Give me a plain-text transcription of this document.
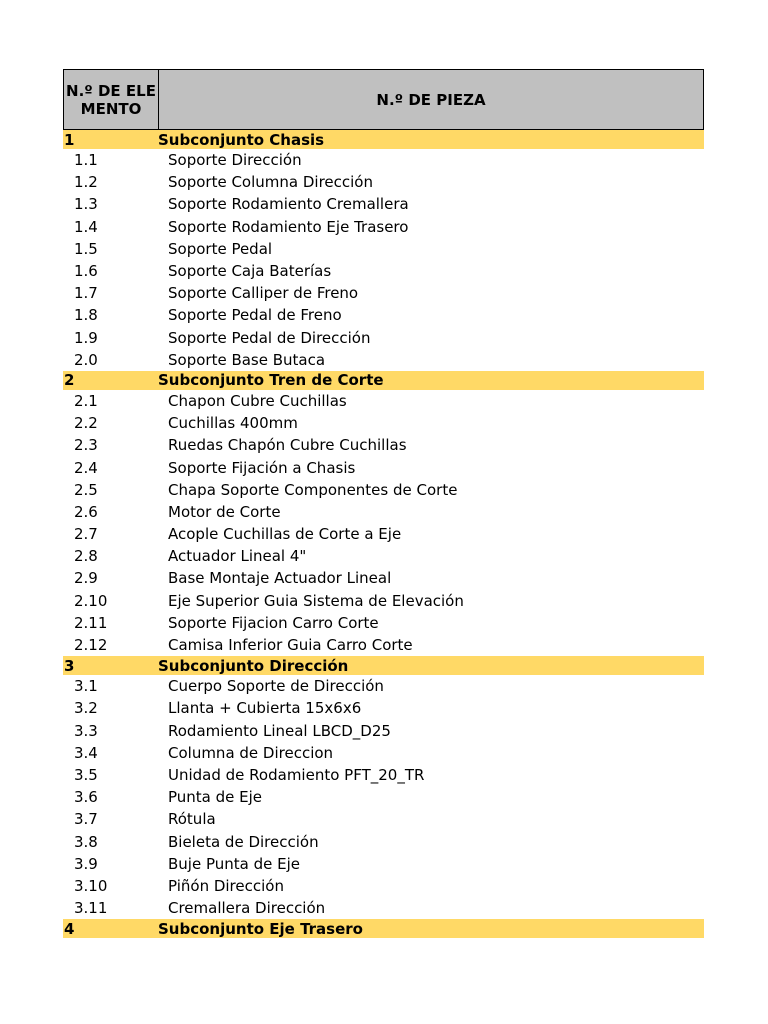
N.º DE ELEMENTO	N.º DE PIEZA
1	Subconjunto Chasis
1.1	Soporte Dirección
1.2	Soporte Columna Dirección
1.3	Soporte Rodamiento Cremallera
1.4	Soporte Rodamiento Eje Trasero
1.5	Soporte Pedal
1.6	Soporte Caja Baterías
1.7	Soporte Calliper de Freno
1.8	Soporte Pedal de Freno
1.9	Soporte Pedal de Dirección
2.0	Soporte Base Butaca
2	Subconjunto Tren de Corte
2.1	Chapon Cubre Cuchillas
2.2	Cuchillas 400mm
2.3	Ruedas Chapón Cubre Cuchillas
2.4	Soporte Fijación a Chasis
2.5	Chapa Soporte Componentes de Corte
2.6	Motor de Corte
2.7	Acople Cuchillas de Corte a Eje
2.8	Actuador Lineal 4"
2.9	Base Montaje Actuador Lineal
2.10	Eje Superior Guia Sistema de Elevación
2.11	Soporte Fijacion Carro Corte
2.12	Camisa Inferior Guia Carro Corte
3	Subconjunto Dirección
3.1	Cuerpo Soporte de Dirección
3.2	Llanta + Cubierta 15x6x6
3.3	Rodamiento Lineal LBCD_D25
3.4	Columna de Direccion
3.5	Unidad de Rodamiento PFT_20_TR
3.6	Punta de Eje
3.7	Rótula
3.8	Bieleta de Dirección
3.9	Buje Punta de Eje
3.10	Piñón Dirección
3.11	Cremallera Dirección
4	Subconjunto Eje Trasero
